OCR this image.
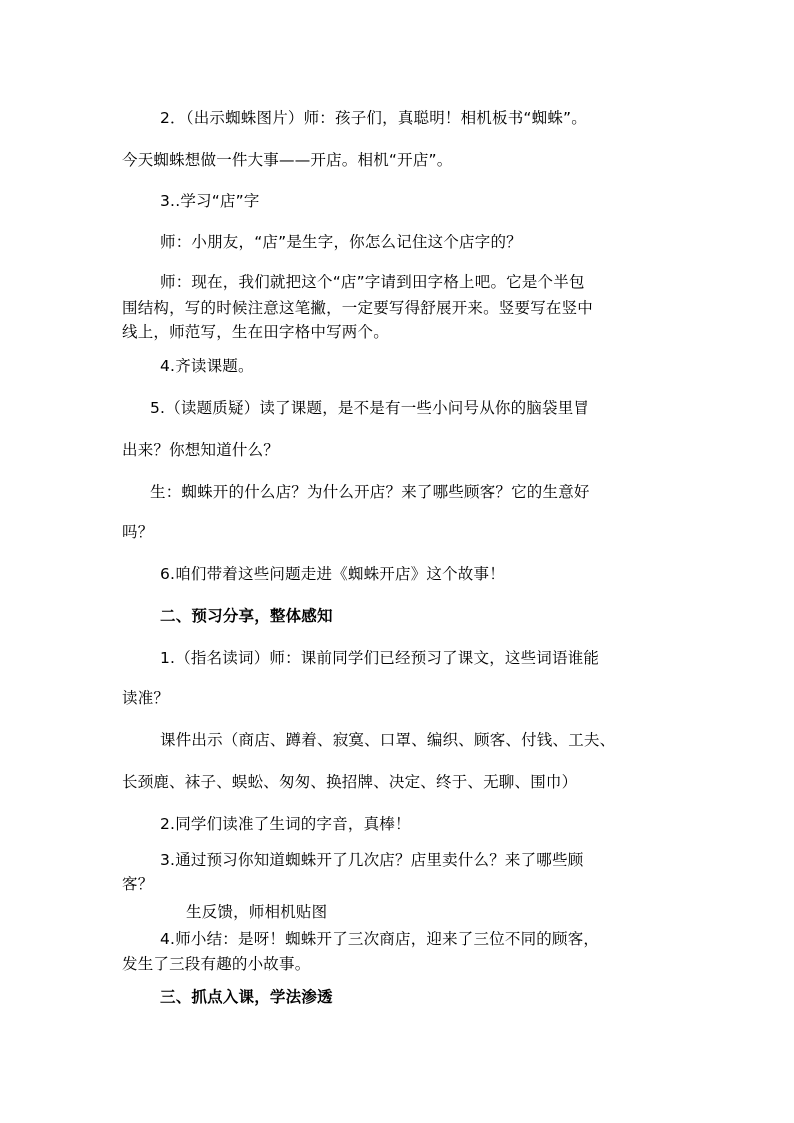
2．（出示蜘蛛图片）师：孩子们，真聪明！相机板书“蜘蛛”。
今天蜘蛛想做一件大事——开店。相机“开店”。
3..学习“店”字
师：小朋友，“店”是生字，你怎么记住这个店字的？
师：现在，我们就把这个“店”字请到田字格上吧。它是个半包
围结构，写的时候注意这笔撇，一定要写得舒展开来。竖要写在竖中
线上，师范写，生在田字格中写两个。
4.齐读课题。
5.（读题质疑）读了课题，是不是有一些小问号从你的脑袋里冒
出来？你想知道什么？
生：蜘蛛开的什么店？为什么开店？来了哪些顾客？它的生意好
吗？
6.咱们带着这些问题走进《蜘蛛开店》这个故事！
二、预习分享，整体感知
1.（指名读词）师：课前同学们已经预习了课文，这些词语谁能
读准？
课件出示（商店、蹲着、寂寞、口罩、编织、顾客、付钱、工夫、
长颈鹿、袜子、蜈蚣、匆匆、换招牌、决定、终于、无聊、围巾）
2.同学们读准了生词的字音，真棒！
3.通过预习你知道蜘蛛开了几次店？店里卖什么？来了哪些顾
客？
生反馈，师相机贴图
4.师小结：是呀！蜘蛛开了三次商店，迎来了三位不同的顾客，
发生了三段有趣的小故事。
三、抓点入课，学法渗透
